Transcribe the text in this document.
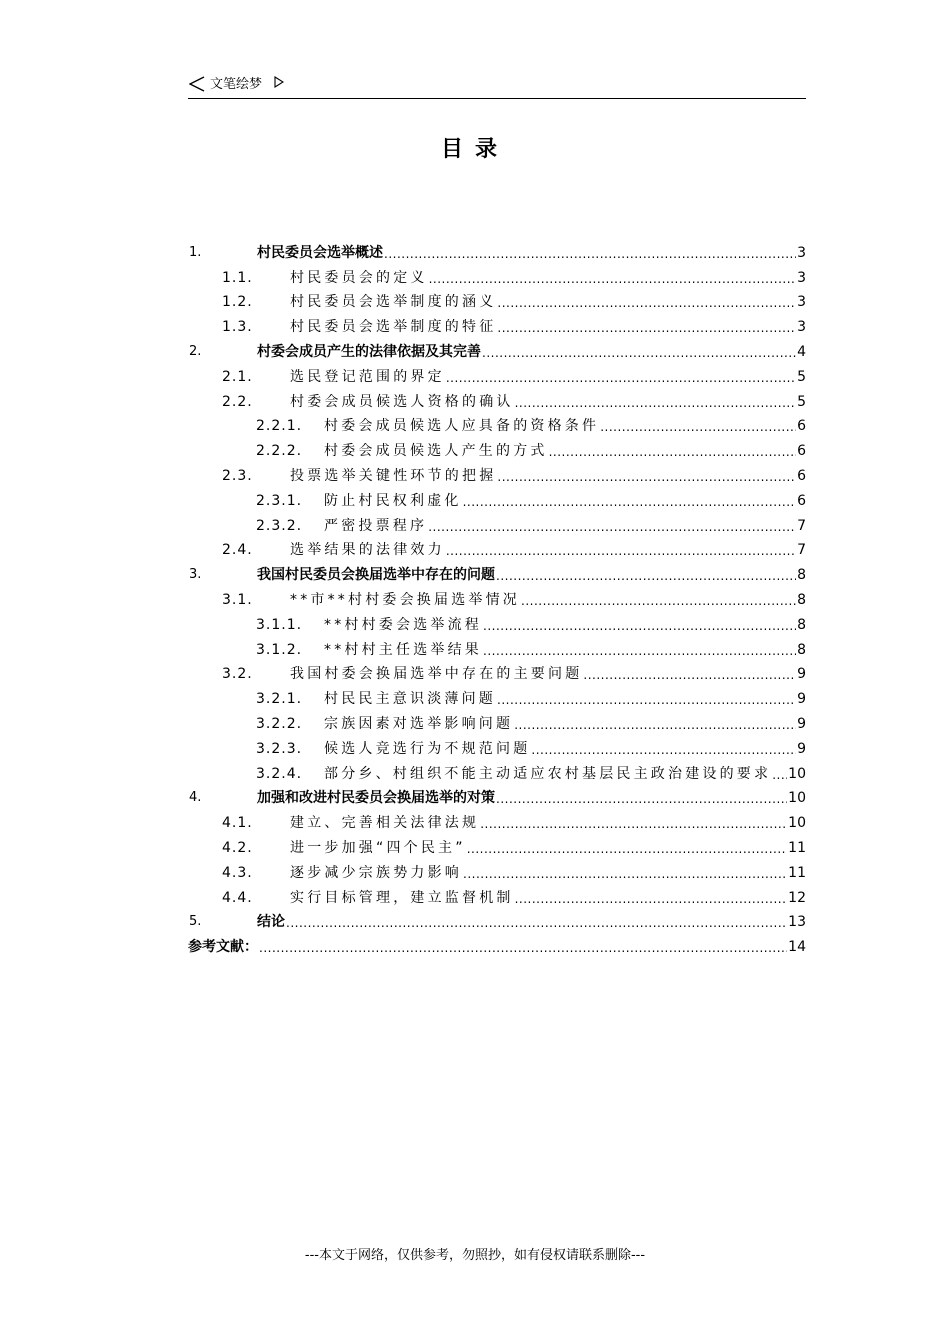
文笔绘梦
目录
1.	村民委员会选举概述 .....	3
1.1.	村民委员会的定义 .....	3
1.2.	村民委员会选举制度的涵义 .....	3
1.3.	村民委员会选举制度的特征 .....	3
2.	村委会成员产生的法律依据及其完善 .....	4
2.1.	选民登记范围的界定 .....	5
2.2.	村委会成员候选人资格的确认 .....	5
2.2.1.	村委会成员候选人应具备的资格条件 .....	6
2.2.2.	村委会成员候选人产生的方式 .....	6
2.3.	投票选举关键性环节的把握 .....	6
2.3.1.	防止村民权利虚化 .....	6
2.3.2.	严密投票程序 .....	7
2.4.	选举结果的法律效力 .....	7
3.	我国村民委员会换届选举中存在的问题 .....	8
3.1.	**市**村村委会换届选举情况 .....	8
3.1.1.	**村村委会选举流程 .....	8
3.1.2.	**村村主任选举结果 .....	8
3.2.	我国村委会换届选举中存在的主要问题 .....	9
3.2.1.	村民民主意识淡薄问题 .....	9
3.2.2.	宗族因素对选举影响问题 .....	9
3.2.3.	候选人竞选行为不规范问题 .....	9
3.2.4.	部分乡、村组织不能主动适应农村基层民主政治建设的要求 ..... 10
4.	加强和改进村民委员会换届选举的对策 .....	10
4.1.	建立、完善相关法律法规 .....	10
4.2.	进一步加强“四个民主” .....	11
4.3.	逐步减少宗族势力影响 .....	11
4.4.	实行目标管理，建立监督机制 .....	12
5.	结论 .....	13
参考文献： .....	14
---本文于网络，仅供参考，勿照抄，如有侵权请联系删除---
